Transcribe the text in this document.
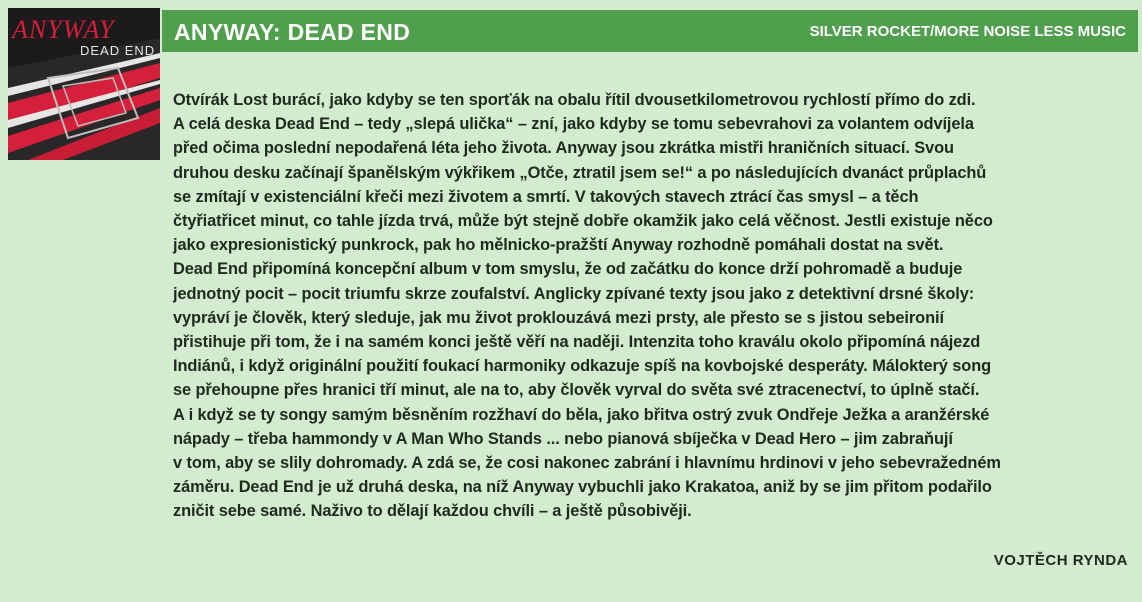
ANYWAY
DEAD END
ANYWAY: DEAD END	SILVER ROCKET/MORE NOISE LESS MUSIC

Otvírák Lost burácí, jako kdyby se ten sporťák na obalu řítil dvousetkilometrovou rychlostí přímo do zdi.

A celá deska Dead End – tedy „slepá ulička“ – zní, jako kdyby se tomu sebevrahovi za volantem odvíjela

před očima poslední nepodařená léta jeho života. Anyway jsou zkrátka mistři hraničních situací. Svou

druhou desku začínají španělským výkřikem „Otče, ztratil jsem se!“ a po následujících dvanáct průplachů

se zmítají v existenciální křeči mezi životem a smrtí. V takových stavech ztrácí čas smysl – a těch

čtyřiatřicet minut, co tahle jízda trvá, může být stejně dobře okamžik jako celá věčnost. Jestli existuje něco

jako expresionistický punkrock, pak ho mělnicko-pražští Anyway rozhodně pomáhali dostat na svět.

Dead End připomíná koncepční album v tom smyslu, že od začátku do konce drží pohromadě a buduje

jednotný pocit – pocit triumfu skrze zoufalství. Anglicky zpívané texty jsou jako z detektivní drsné školy:

vypráví je člověk, který sleduje, jak mu život proklouzává mezi prsty, ale přesto se s jistou sebeironií

přistihuje při tom, že i na samém konci ještě věří na naději. Intenzita toho kraválu okolo připomíná nájezd

Indiánů, i když originální použití foukací harmoniky odkazuje spíš na kovbojské desperáty. Málokterý song

se přehoupne přes hranici tří minut, ale na to, aby člověk vyrval do světa své ztracenectví, to úplně stačí.

A i když se ty songy samým běsněním rozžhaví do běla, jako břitva ostrý zvuk Ondřeje Ježka a aranžérské

nápady – třeba hammondy v A Man Who Stands ... nebo pianová sbíječka v Dead Hero – jim zabraňují

v tom, aby se slily dohromady. A zdá se, že cosi nakonec zabrání i hlavnímu hrdinovi v jeho sebevražedném

záměru. Dead End je už druhá deska, na níž Anyway vybuchli jako Krakatoa, aniž by se jim přitom podařilo

zničit sebe samé. Naživo to dělají každou chvíli – a ještě působivěji.

VOJTĚCH RYNDA
